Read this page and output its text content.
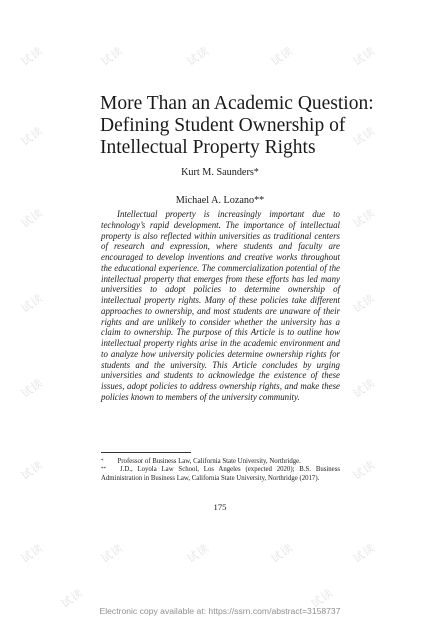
试读	试读	试读	试读	试读
试读	试读
试读	试读
试读	试读
试读	试读
试读	试读
试读	试读	试读	试读	试读
试读	试读
More Than an Academic Question:
Defining Student Ownership of
Intellectual Property Rights
Kurt M. Saunders*
Michael A. Lozano**

Intellectual property is increasingly important due to technology’s rapid development. The importance of intellectual property is also reflected within universities as traditional centers of research and expression, where students and faculty are encouraged to develop inventions and creative works throughout the educational experience. The commercialization potential of the intellectual property that emerges from these efforts has led many universities to adopt policies to determine ownership of intellectual property rights. Many of these policies take different approaches to ownership, and most students are unaware of their rights and are unlikely to consider whether the university has a claim to ownership. The purpose of this Article is to outline how intellectual property rights arise in the academic environment and to analyze how university policies determine ownership rights for students and the university. This Article concludes by urging universities and students to acknowledge the existence of these issues, adopt policies to address ownership rights, and make these policies known to members of the university community.

* Professor of Business Law, California State University, Northridge.
** J.D., Loyola Law School, Los Angeles (expected 2020); B.S. Business Administration in Business Law, California State University, Northridge (2017).
175
Electronic copy available at: https://ssrn.com/abstract=3158737
